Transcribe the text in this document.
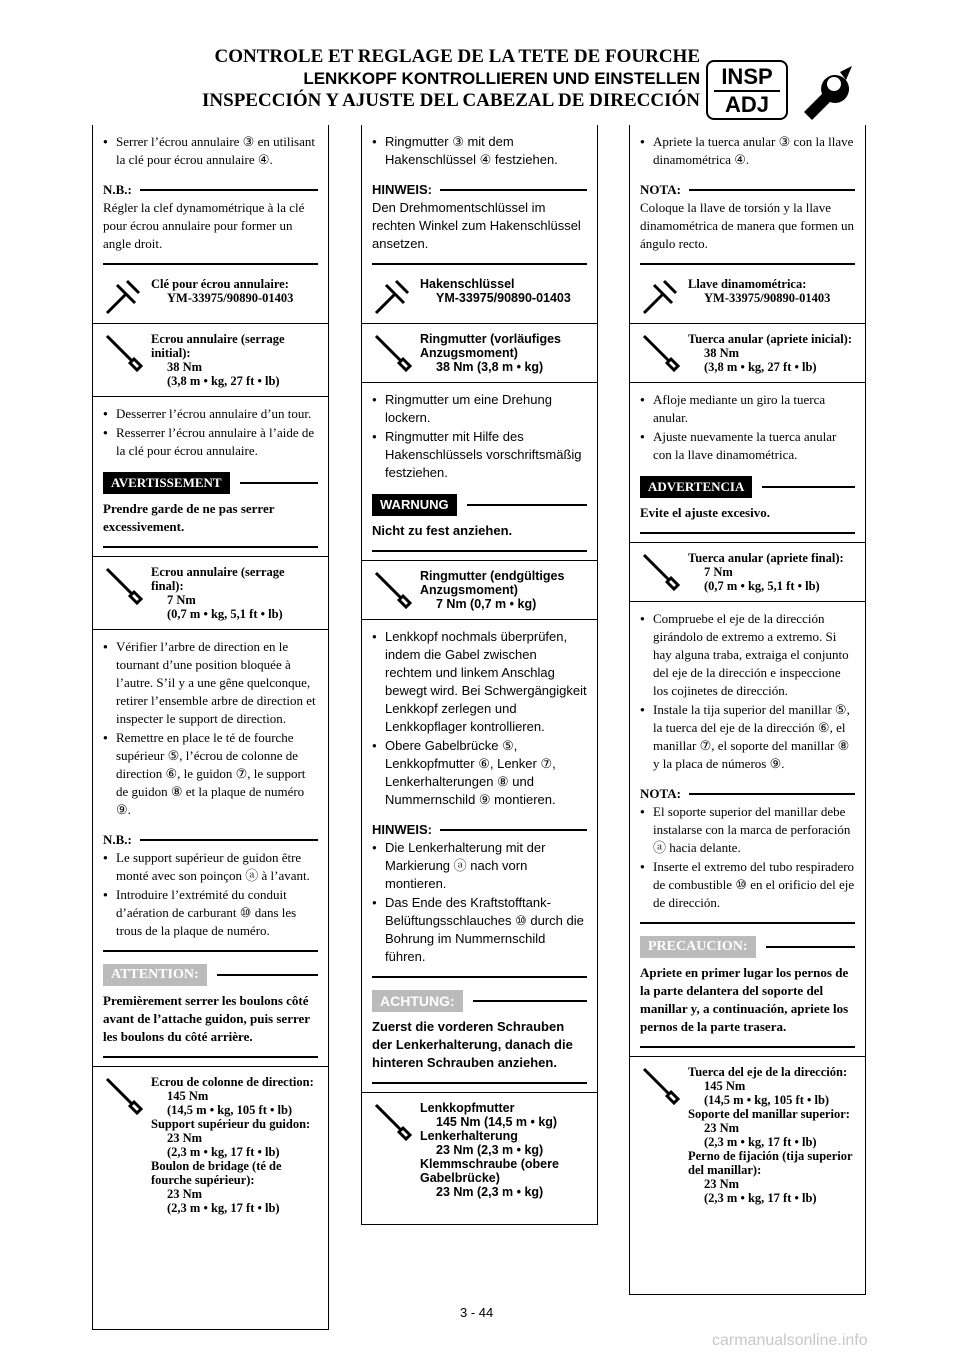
CONTROLE ET REGLAGE DE LA TETE DE FOURCHE
LENKKOPF KONTROLLIEREN UND EINSTELLEN
INSPECCIÓN Y AJUSTE DEL CABEZAL DE DIRECCIÓN
INSP
ADJ
● Serrer l’écrou annulaire ③ en utilisant la clé pour écrou annulaire ④.
N.B.:
Régler la clef dynamométrique à la clé pour écrou annulaire pour former un angle droit.
Clé pour écrou annulaire:
YM-33975/90890-01403
Ecrou annulaire (serrage initial):
38 Nm
(3,8 m • kg, 27 ft • lb)
● Desserrer l’écrou annulaire d’un tour.
● Resserrer l’écrou annulaire à l’aide de la clé pour écrou annulaire.
AVERTISSEMENT
Prendre garde de ne pas serrer excessivement.
Ecrou annulaire (serrage final):
7 Nm
(0,7 m • kg, 5,1 ft • lb)
● Vérifier l’arbre de direction en le tournant d’une position bloquée à l’autre. S’il y a une gêne quelconque, retirer l’ensemble arbre de direction et inspecter le support de direction.
● Remettre en place le té de fourche supérieur ⑤, l’écrou de colonne de direction ⑥, le guidon ⑦, le support de guidon ⑧ et la plaque de numéro ⑨.
N.B.:
● Le support supérieur de guidon être monté avec son poinçon ⓐ à l’avant.
● Introduire l’extrémité du conduit d’aération de carburant ⑩ dans les trous de la plaque de numéro.
ATTENTION:
Premièrement serrer les boulons côté avant de l’attache guidon, puis serrer les boulons du côté arrière.
Ecrou de colonne de direction:
145 Nm
(14,5 m • kg, 105 ft • lb)
Support supérieur du guidon:
23 Nm
(2,3 m • kg, 17 ft • lb)
Boulon de bridage (té de fourche supérieur):
23 Nm
(2,3 m • kg, 17 ft • lb)
● Ringmutter ③ mit dem Hakenschlüssel ④ festziehen.
HINWEIS:
Den Drehmomentschlüssel im rechten Winkel zum Hakenschlüssel ansetzen.
Hakenschlüssel
YM-33975/90890-01403
Ringmutter (vorläufiges Anzugsmoment)
38 Nm (3,8 m • kg)
● Ringmutter um eine Drehung lockern.
● Ringmutter mit Hilfe des Hakenschlüssels vorschriftsmäßig festziehen.
WARNUNG
Nicht zu fest anziehen.
Ringmutter (endgültiges Anzugsmoment)
7 Nm (0,7 m • kg)
● Lenkkopf nochmals überprüfen, indem die Gabel zwischen rechtem und linkem Anschlag bewegt wird. Bei Schwergängigkeit Lenkkopf zerlegen und Lenkkopflager kontrollieren.
● Obere Gabelbrücke ⑤, Lenkkopfmutter ⑥, Lenker ⑦, Lenkerhalterungen ⑧ und Nummernschild ⑨ montieren.
HINWEIS:
● Die Lenkerhalterung mit der Markierung ⓐ nach vorn montieren.
● Das Ende des Kraftstofftank-Belüftungsschlauches ⑩ durch die Bohrung im Nummernschild führen.
ACHTUNG:
Zuerst die vorderen Schrauben der Lenkerhalterung, danach die hinteren Schrauben anziehen.
Lenkkopfmutter
145 Nm (14,5 m • kg)
Lenkerhalterung
23 Nm (2,3 m • kg)
Klemmschraube (obere Gabelbrücke)
23 Nm (2,3 m • kg)
● Apriete la tuerca anular ③ con la llave dinamométrica ④.
NOTA:
Coloque la llave de torsión y la llave dinamométrica de manera que formen un ángulo recto.
Llave dinamométrica:
YM-33975/90890-01403
Tuerca anular (apriete inicial):
38 Nm
(3,8 m • kg, 27 ft • lb)
● Afloje mediante un giro la tuerca anular.
● Ajuste nuevamente la tuerca anular con la llave dinamométrica.
ADVERTENCIA
Evite el ajuste excesivo.
Tuerca anular (apriete final):
7 Nm
(0,7 m • kg, 5,1 ft • lb)
● Compruebe el eje de la dirección girándolo de extremo a extremo. Si hay alguna traba, extraiga el conjunto del eje de la dirección e inspeccione los cojinetes de dirección.
● Instale la tija superior del manillar ⑤, la tuerca del eje de la dirección ⑥, el manillar ⑦, el soporte del manillar ⑧ y la placa de números ⑨.
NOTA:
● El soporte superior del manillar debe instalarse con la marca de perforación ⓐ hacia delante.
● Inserte el extremo del tubo respiradero de combustible ⑩ en el orificio del eje de dirección.
PRECAUCION:
Apriete en primer lugar los pernos de la parte delantera del soporte del manillar y, a continuación, apriete los pernos de la parte trasera.
Tuerca del eje de la dirección:
145 Nm
(14,5 m • kg, 105 ft • lb)
Soporte del manillar superior:
23 Nm
(2,3 m • kg, 17 ft • lb)
Perno de fijación (tija superior del manillar):
23 Nm
(2,3 m • kg, 17 ft • lb)
3 - 44
carmanualsonline.info
